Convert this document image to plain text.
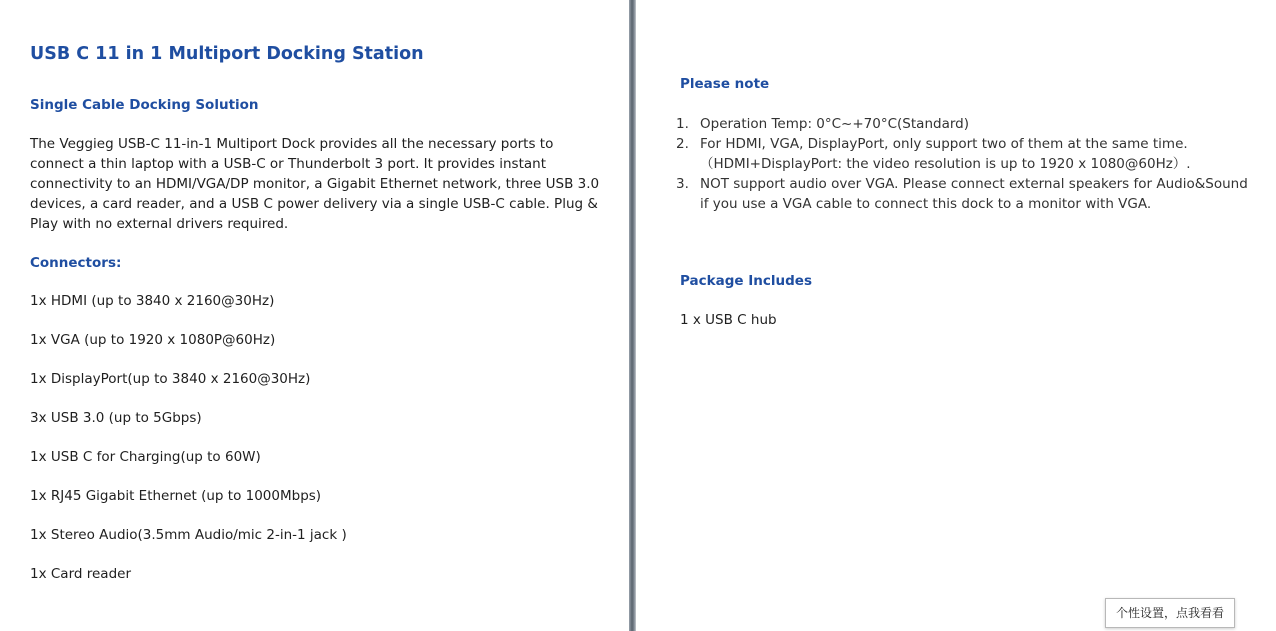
USB C 11 in 1 Multiport Docking Station
Single Cable Docking Solution
The Veggieg USB-C 11-in-1 Multiport Dock provides all the necessary ports to
connect a thin laptop with a USB-C or Thunderbolt 3 port. It provides instant
connectivity to an HDMI/VGA/DP monitor, a Gigabit Ethernet network, three USB 3.0
devices, a card reader, and a USB C power delivery via a single USB-C cable. Plug &
Play with no external drivers required.
Connectors:

1x HDMI (up to 3840 x 2160@30Hz)

1x VGA (up to 1920 x 1080P@60Hz)

1x DisplayPort(up to 3840 x 2160@30Hz)

3x USB 3.0 (up to 5Gbps)

1x USB C for Charging(up to 60W)

1x RJ45 Gigabit Ethernet (up to 1000Mbps)

1x Stereo Audio(3.5mm Audio/mic 2-in-1 jack )

1x Card reader

Please note
1. Operation Temp: 0°C~+70°C(Standard)
2. For HDMI, VGA, DisplayPort, only support two of them at the same time.
（HDMI+DisplayPort: the video resolution is up to 1920 x 1080@60Hz）.
3. NOT support audio over VGA. Please connect external speakers for Audio&Sound
if you use a VGA cable to connect this dock to a monitor with VGA.
Package Includes

1 x USB C hub

个性设置，点我看看
